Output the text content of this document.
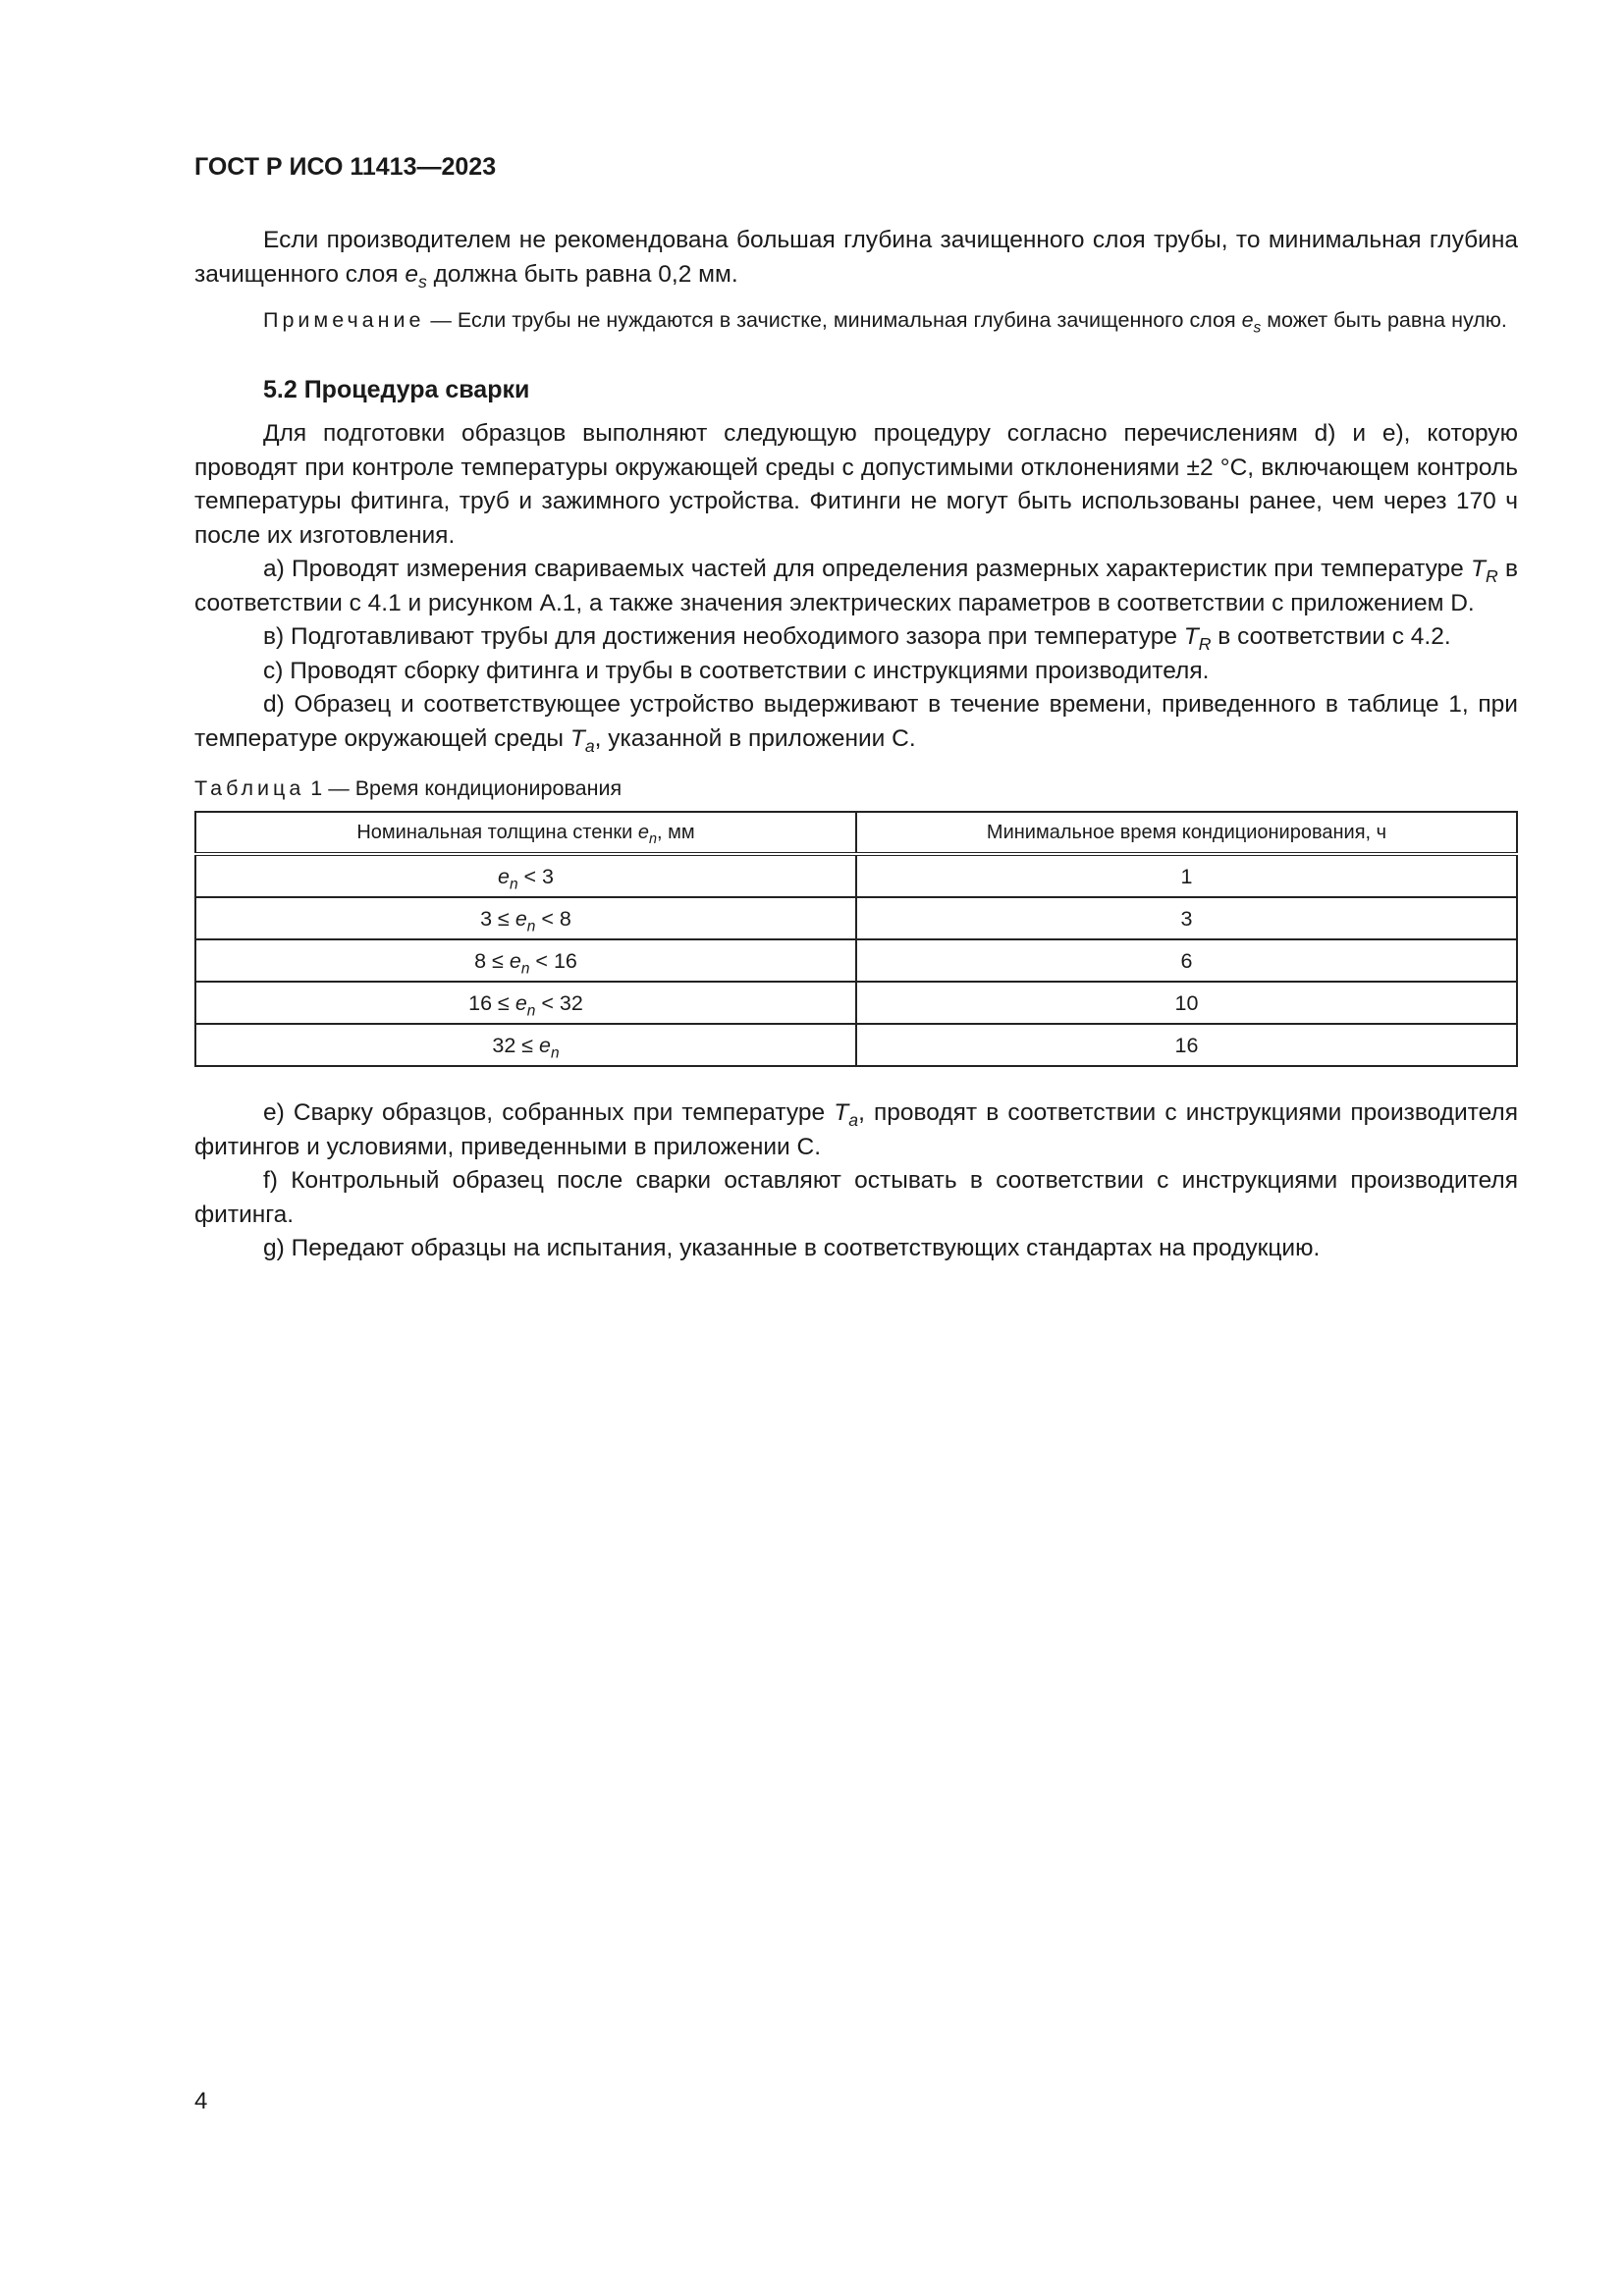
ГОСТ Р ИСО 11413—2023

Если производителем не рекомендована большая глубина зачищенного слоя трубы, то минимальная глубина зачищенного слоя $e_s$ должна быть равна 0,2 мм.

Примечание — Если трубы не нуждаются в зачистке, минимальная глубина зачищенного слоя $e_s$ может быть равна нулю.
5.2 Процедура сварки

Для подготовки образцов выполняют следующую процедуру согласно перечислениям d) и е), которую проводят при контроле температуры окружающей среды с допустимыми отклонениями ±2 °C, включающем контроль температуры фитинга, труб и зажимного устройства. Фитинги не могут быть использованы ранее, чем через 170 ч после их изготовления.

а) Проводят измерения свариваемых частей для определения размерных характеристик при температуре $T_R$ в соответствии с 4.1 и рисунком А.1, а также значения электрических параметров в соответствии с приложением D.

в) Подготавливают трубы для достижения необходимого зазора при температуре $T_R$ в соответствии с 4.2.

с) Проводят сборку фитинга и трубы в соответствии с инструкциями производителя.

d) Образец и соответствующее устройство выдерживают в течение времени, приведенного в таблице 1, при температуре окружающей среды $T_a$, указанной в приложении С.

Таблица 1 — Время кондиционирования
Номинальная толщина стенки $e_n$, мм	Минимальное время кондиционирования, ч
$e_n < 3$	1
$3 \le e_n < 8$	3
$8 \le e_n < 16$	6
$16 \le e_n < 32$	10
$32 \le e_n$	16

е) Сварку образцов, собранных при температуре $T_a$, проводят в соответствии с инструкциями производителя фитингов и условиями, приведенными в приложении С.

f) Контрольный образец после сварки оставляют остывать в соответствии с инструкциями производителя фитинга.

g) Передают образцы на испытания, указанные в соответствующих стандартах на продукцию.

4
